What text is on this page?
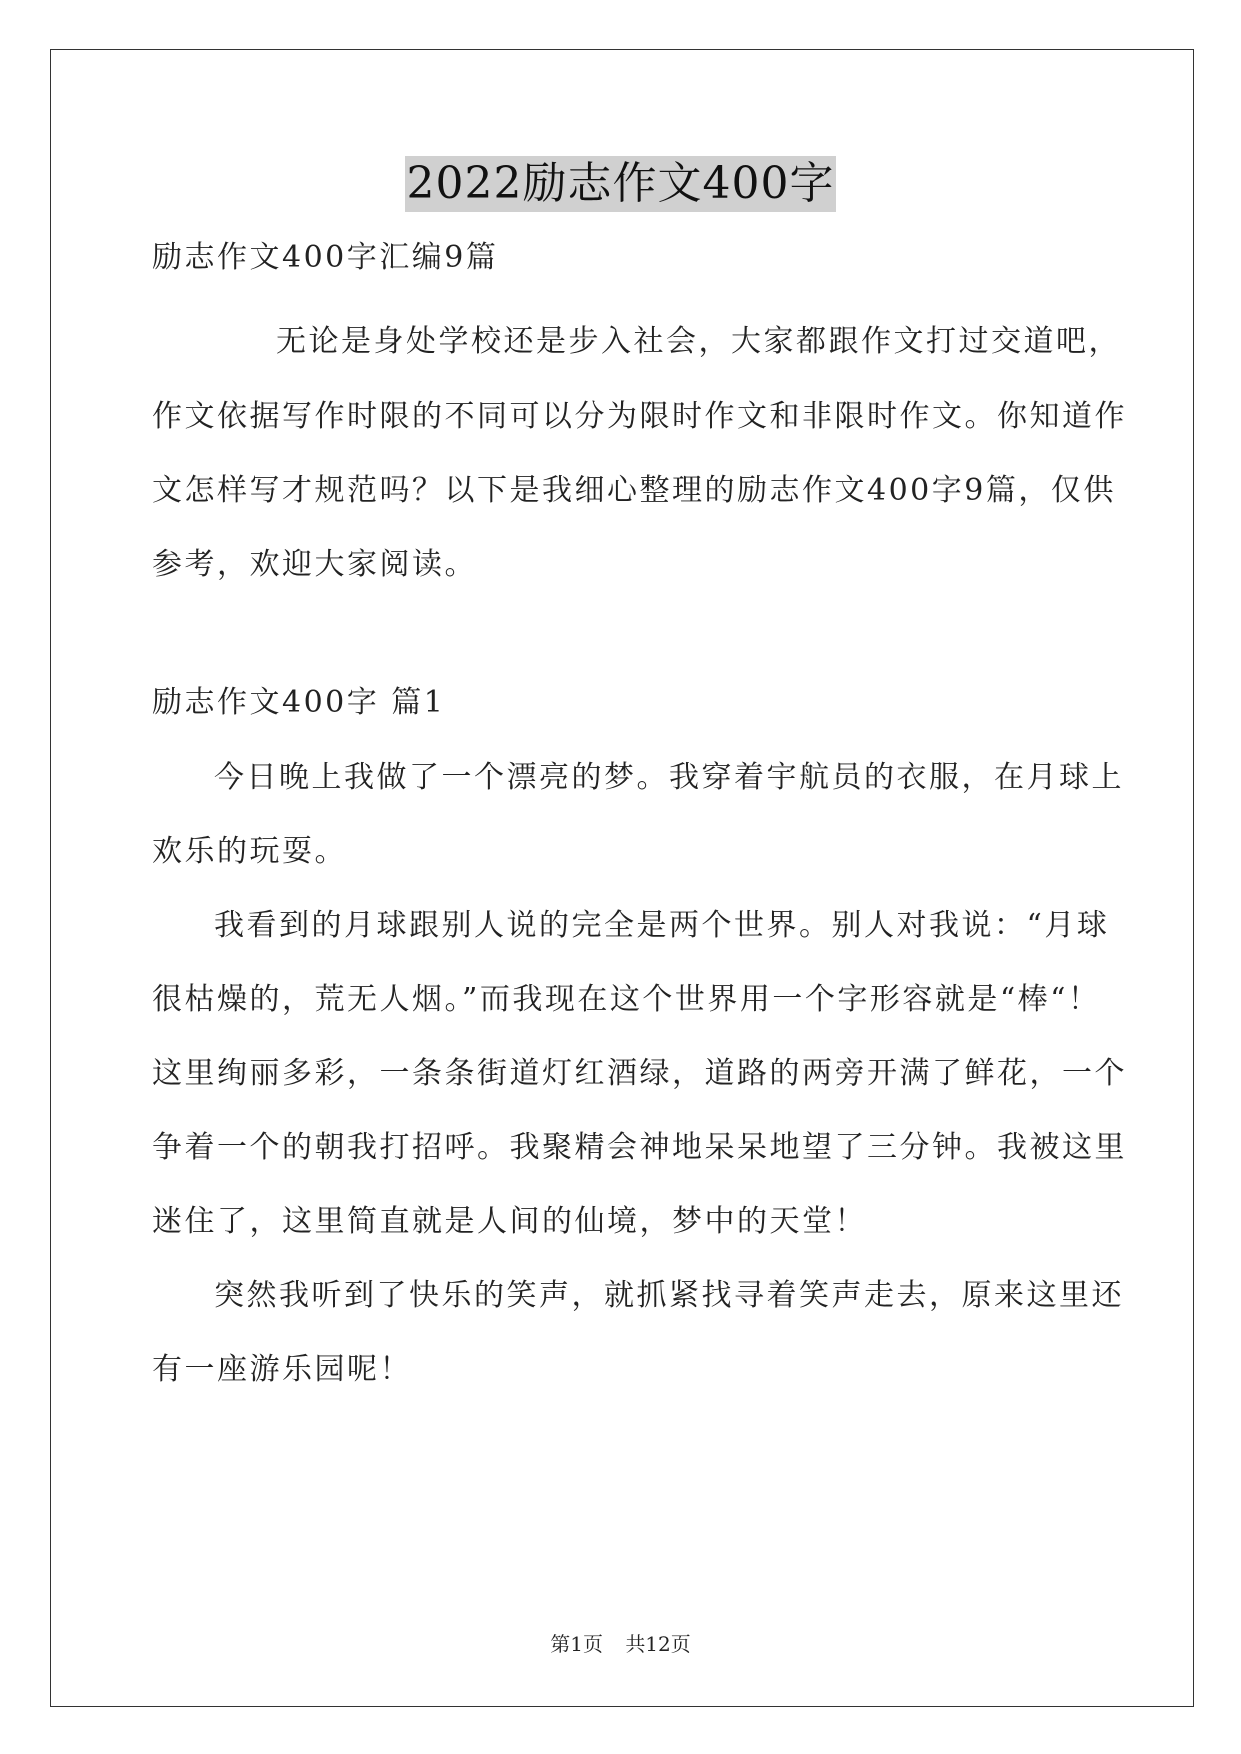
2022励志作文400字
励志作文400字汇编9篇
无论是身处学校还是步入社会，大家都跟作文打过交道吧，
作文依据写作时限的不同可以分为限时作文和非限时作文。你知道作
文怎样写才规范吗？以下是我细心整理的励志作文400字9篇，仅供
参考，欢迎大家阅读。
励志作文400字 篇1
今日晚上我做了一个漂亮的梦。我穿着宇航员的衣服，在月球上
欢乐的玩耍。
我看到的月球跟别人说的完全是两个世界。别人对我说：“月球
很枯燥的，荒无人烟。”而我现在这个世界用一个字形容就是“棒“！
这里绚丽多彩，一条条街道灯红酒绿，道路的两旁开满了鲜花，一个
争着一个的朝我打招呼。我聚精会神地呆呆地望了三分钟。我被这里
迷住了，这里简直就是人间的仙境，梦中的天堂！
突然我听到了快乐的笑声，就抓紧找寻着笑声走去，原来这里还
有一座游乐园呢！
第1页 共12页
